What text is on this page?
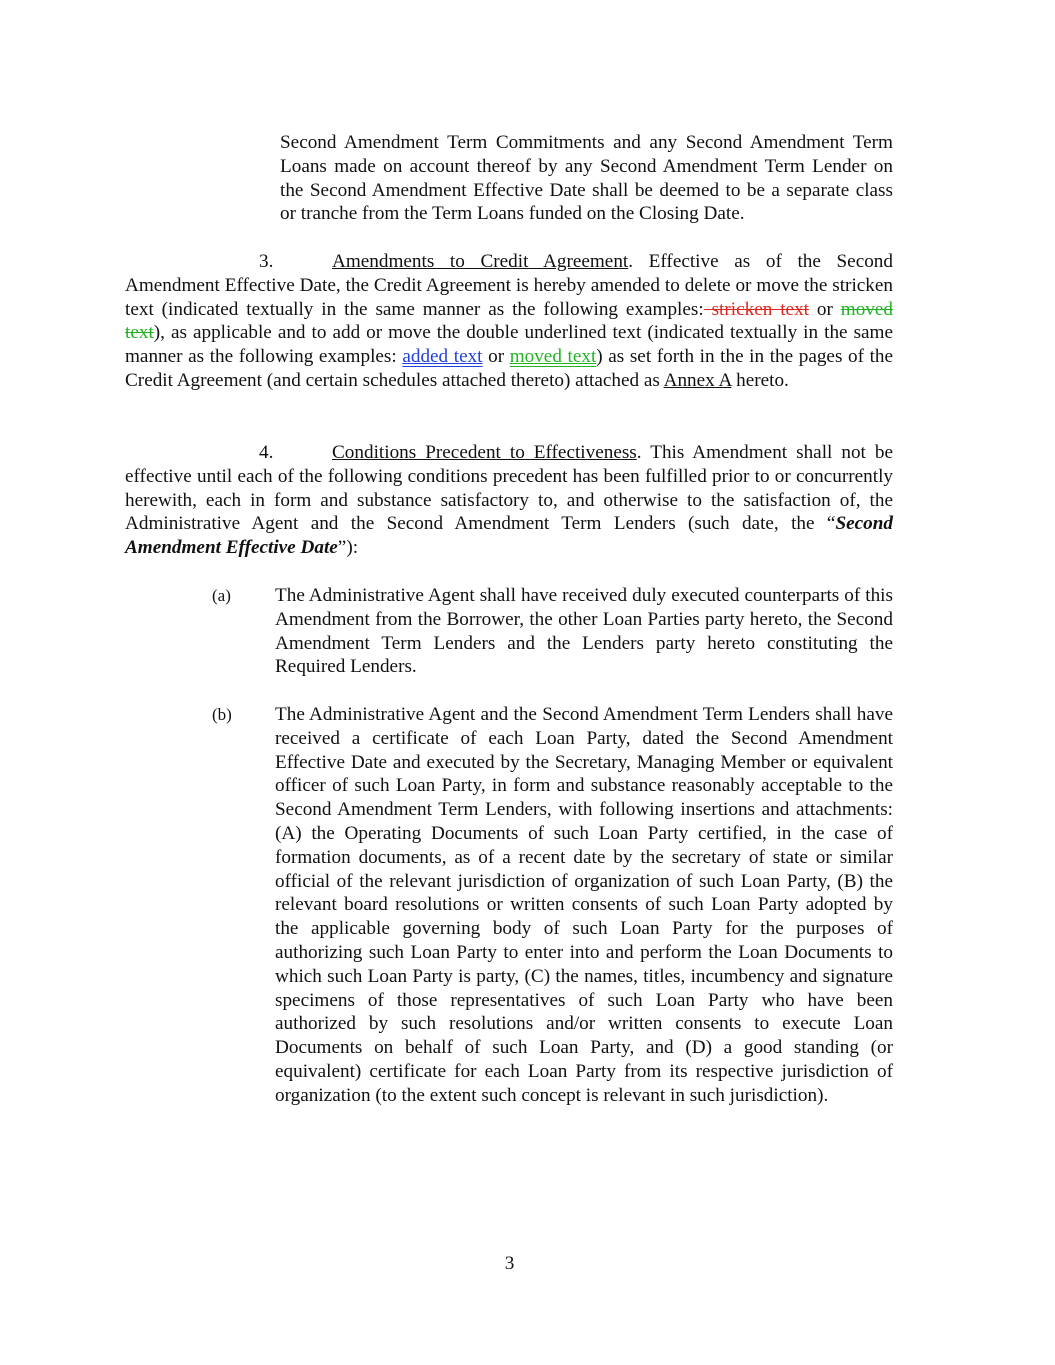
Second Amendment Term Commitments and any Second Amendment Term Loans made on account thereof by any Second Amendment Term Lender on the Second Amendment Effective Date shall be deemed to be a separate class or tranche from the Term Loans funded on the Closing Date.

3.	Amendments to Credit Agreement. Effective as of the Second Amendment Effective Date, the Credit Agreement is hereby amended to delete or move the stricken text (indicated textually in the same manner as the following examples: stricken text or moved text), as applicable and to add or move the double underlined text (indicated textually in the same manner as the following examples: added text or moved text) as set forth in the in the pages of the Credit Agreement (and certain schedules attached thereto) attached as Annex A hereto.

4.	Conditions Precedent to Effectiveness. This Amendment shall not be effective until each of the following conditions precedent has been fulfilled prior to or concurrently herewith, each in form and substance satisfactory to, and otherwise to the satisfaction of, the Administrative Agent and the Second Amendment Term Lenders (such date, the “Second Amendment Effective Date”):

(a) The Administrative Agent shall have received duly executed counterparts of this Amendment from the Borrower, the other Loan Parties party hereto, the Second Amendment Term Lenders and the Lenders party hereto constituting the Required Lenders.
(b) The Administrative Agent and the Second Amendment Term Lenders shall have received a certificate of each Loan Party, dated the Second Amendment Effective Date and executed by the Secretary, Managing Member or equivalent officer of such Loan Party, in form and substance reasonably acceptable to the Second Amendment Term Lenders, with following insertions and attachments: (A) the Operating Documents of such Loan Party certified, in the case of formation documents, as of a recent date by the secretary of state or similar official of the relevant jurisdiction of organization of such Loan Party, (B) the relevant board resolutions or written consents of such Loan Party adopted by the applicable governing body of such Loan Party for the purposes of authorizing such Loan Party to enter into and perform the Loan Documents to which such Loan Party is party, (C) the names, titles, incumbency and signature specimens of those representatives of such Loan Party who have been authorized by such resolutions and/or written consents to execute Loan Documents on behalf of such Loan Party, and (D) a good standing (or equivalent) certificate for each Loan Party from its respective jurisdiction of organization (to the extent such concept is relevant in such jurisdiction).
3
